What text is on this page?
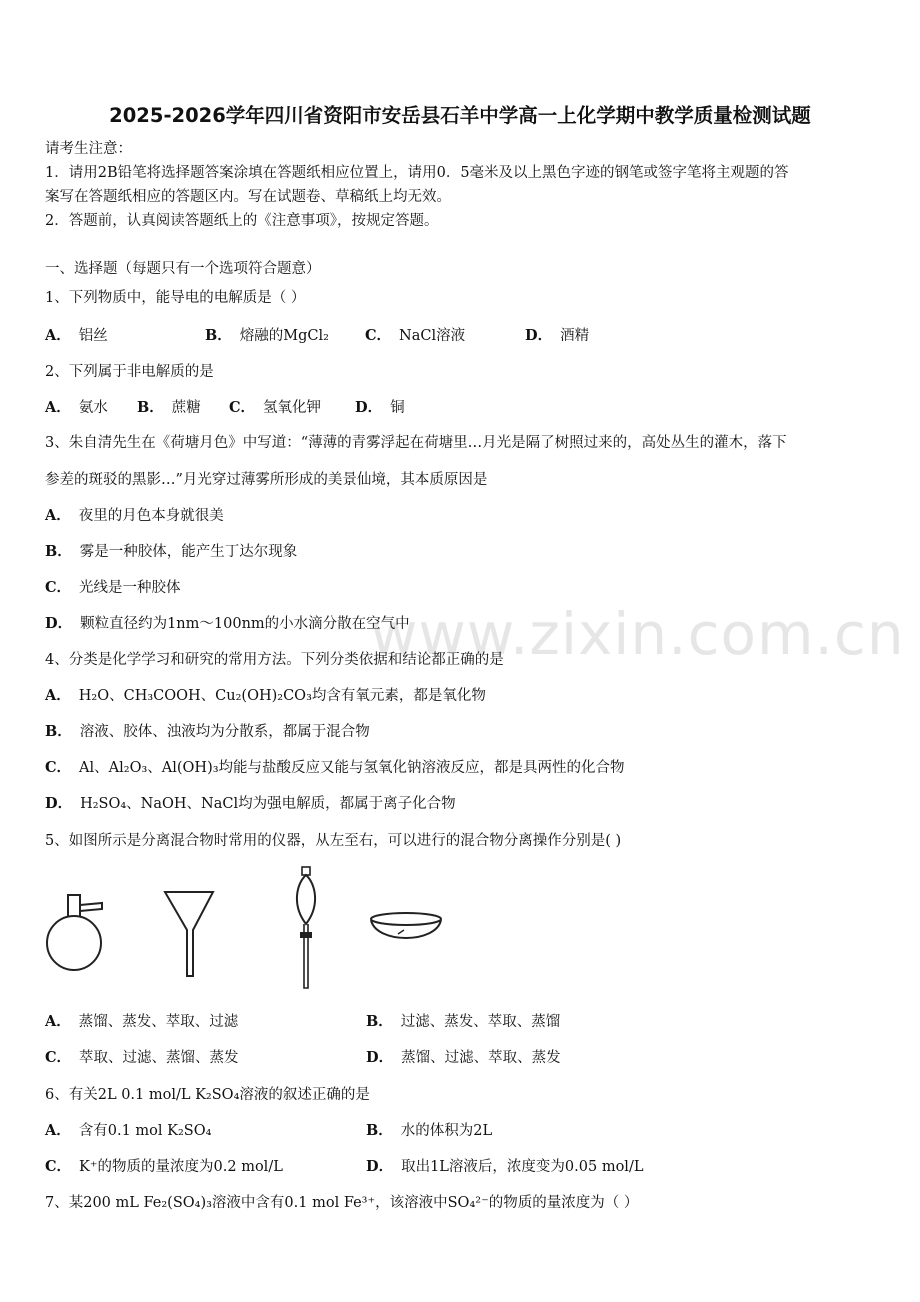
www.zixin.com.cn
2025-2026学年四川省资阳市安岳县石羊中学高一上化学期中教学质量检测试题
请考生注意：
1．请用2B铅笔将选择题答案涂填在答题纸相应位置上，请用0．5毫米及以上黑色字迹的钢笔或签字笔将主观题的答
案写在答题纸相应的答题区内。写在试题卷、草稿纸上均无效。
2．答题前，认真阅读答题纸上的《注意事项》，按规定答题。
一、选择题（每题只有一个选项符合题意）
1、下列物质中，能导电的电解质是（ ）
A． 铝丝	B． 熔融的MgCl₂ C． NaCl溶液	D． 酒精
2、下列属于非电解质的是
A． 氨水 B． 蔗糖 C． 氢氧化钾 D． 铜
3、朱自清先生在《荷塘月色》中写道：“薄薄的青雾浮起在荷塘里…月光是隔了树照过来的，高处丛生的灌木，落下
参差的斑驳的黑影…”月光穿过薄雾所形成的美景仙境，其本质原因是
A． 夜里的月色本身就很美
B． 雾是一种胶体，能产生丁达尔现象
C． 光线是一种胶体
D． 颗粒直径约为1nm～100nm的小水滴分散在空气中
4、分类是化学学习和研究的常用方法。下列分类依据和结论都正确的是
A． H₂O、CH₃COOH、Cu₂(OH)₂CO₃均含有氧元素，都是氧化物
B． 溶液、胶体、浊液均为分散系，都属于混合物
C． Al、Al₂O₃、Al(OH)₃均能与盐酸反应又能与氢氧化钠溶液反应，都是具两性的化合物
D． H₂SO₄、NaOH、NaCl均为强电解质，都属于离子化合物
5、如图所示是分离混合物时常用的仪器，从左至右，可以进行的混合物分离操作分别是( )
A． 蒸馏、蒸发、萃取、过滤	B． 过滤、蒸发、萃取、蒸馏
C． 萃取、过滤、蒸馏、蒸发	D． 蒸馏、过滤、萃取、蒸发
6、有关2L 0.1 mol/L K₂SO₄溶液的叙述正确的是
A． 含有0.1 mol K₂SO₄	B． 水的体积为2L
C． K⁺的物质的量浓度为0.2 mol/L	D． 取出1L溶液后，浓度变为0.05 mol/L
7、某200 mL Fe₂(SO₄)₃溶液中含有0.1 mol Fe³⁺，该溶液中SO₄²⁻的物质的量浓度为（ ）
